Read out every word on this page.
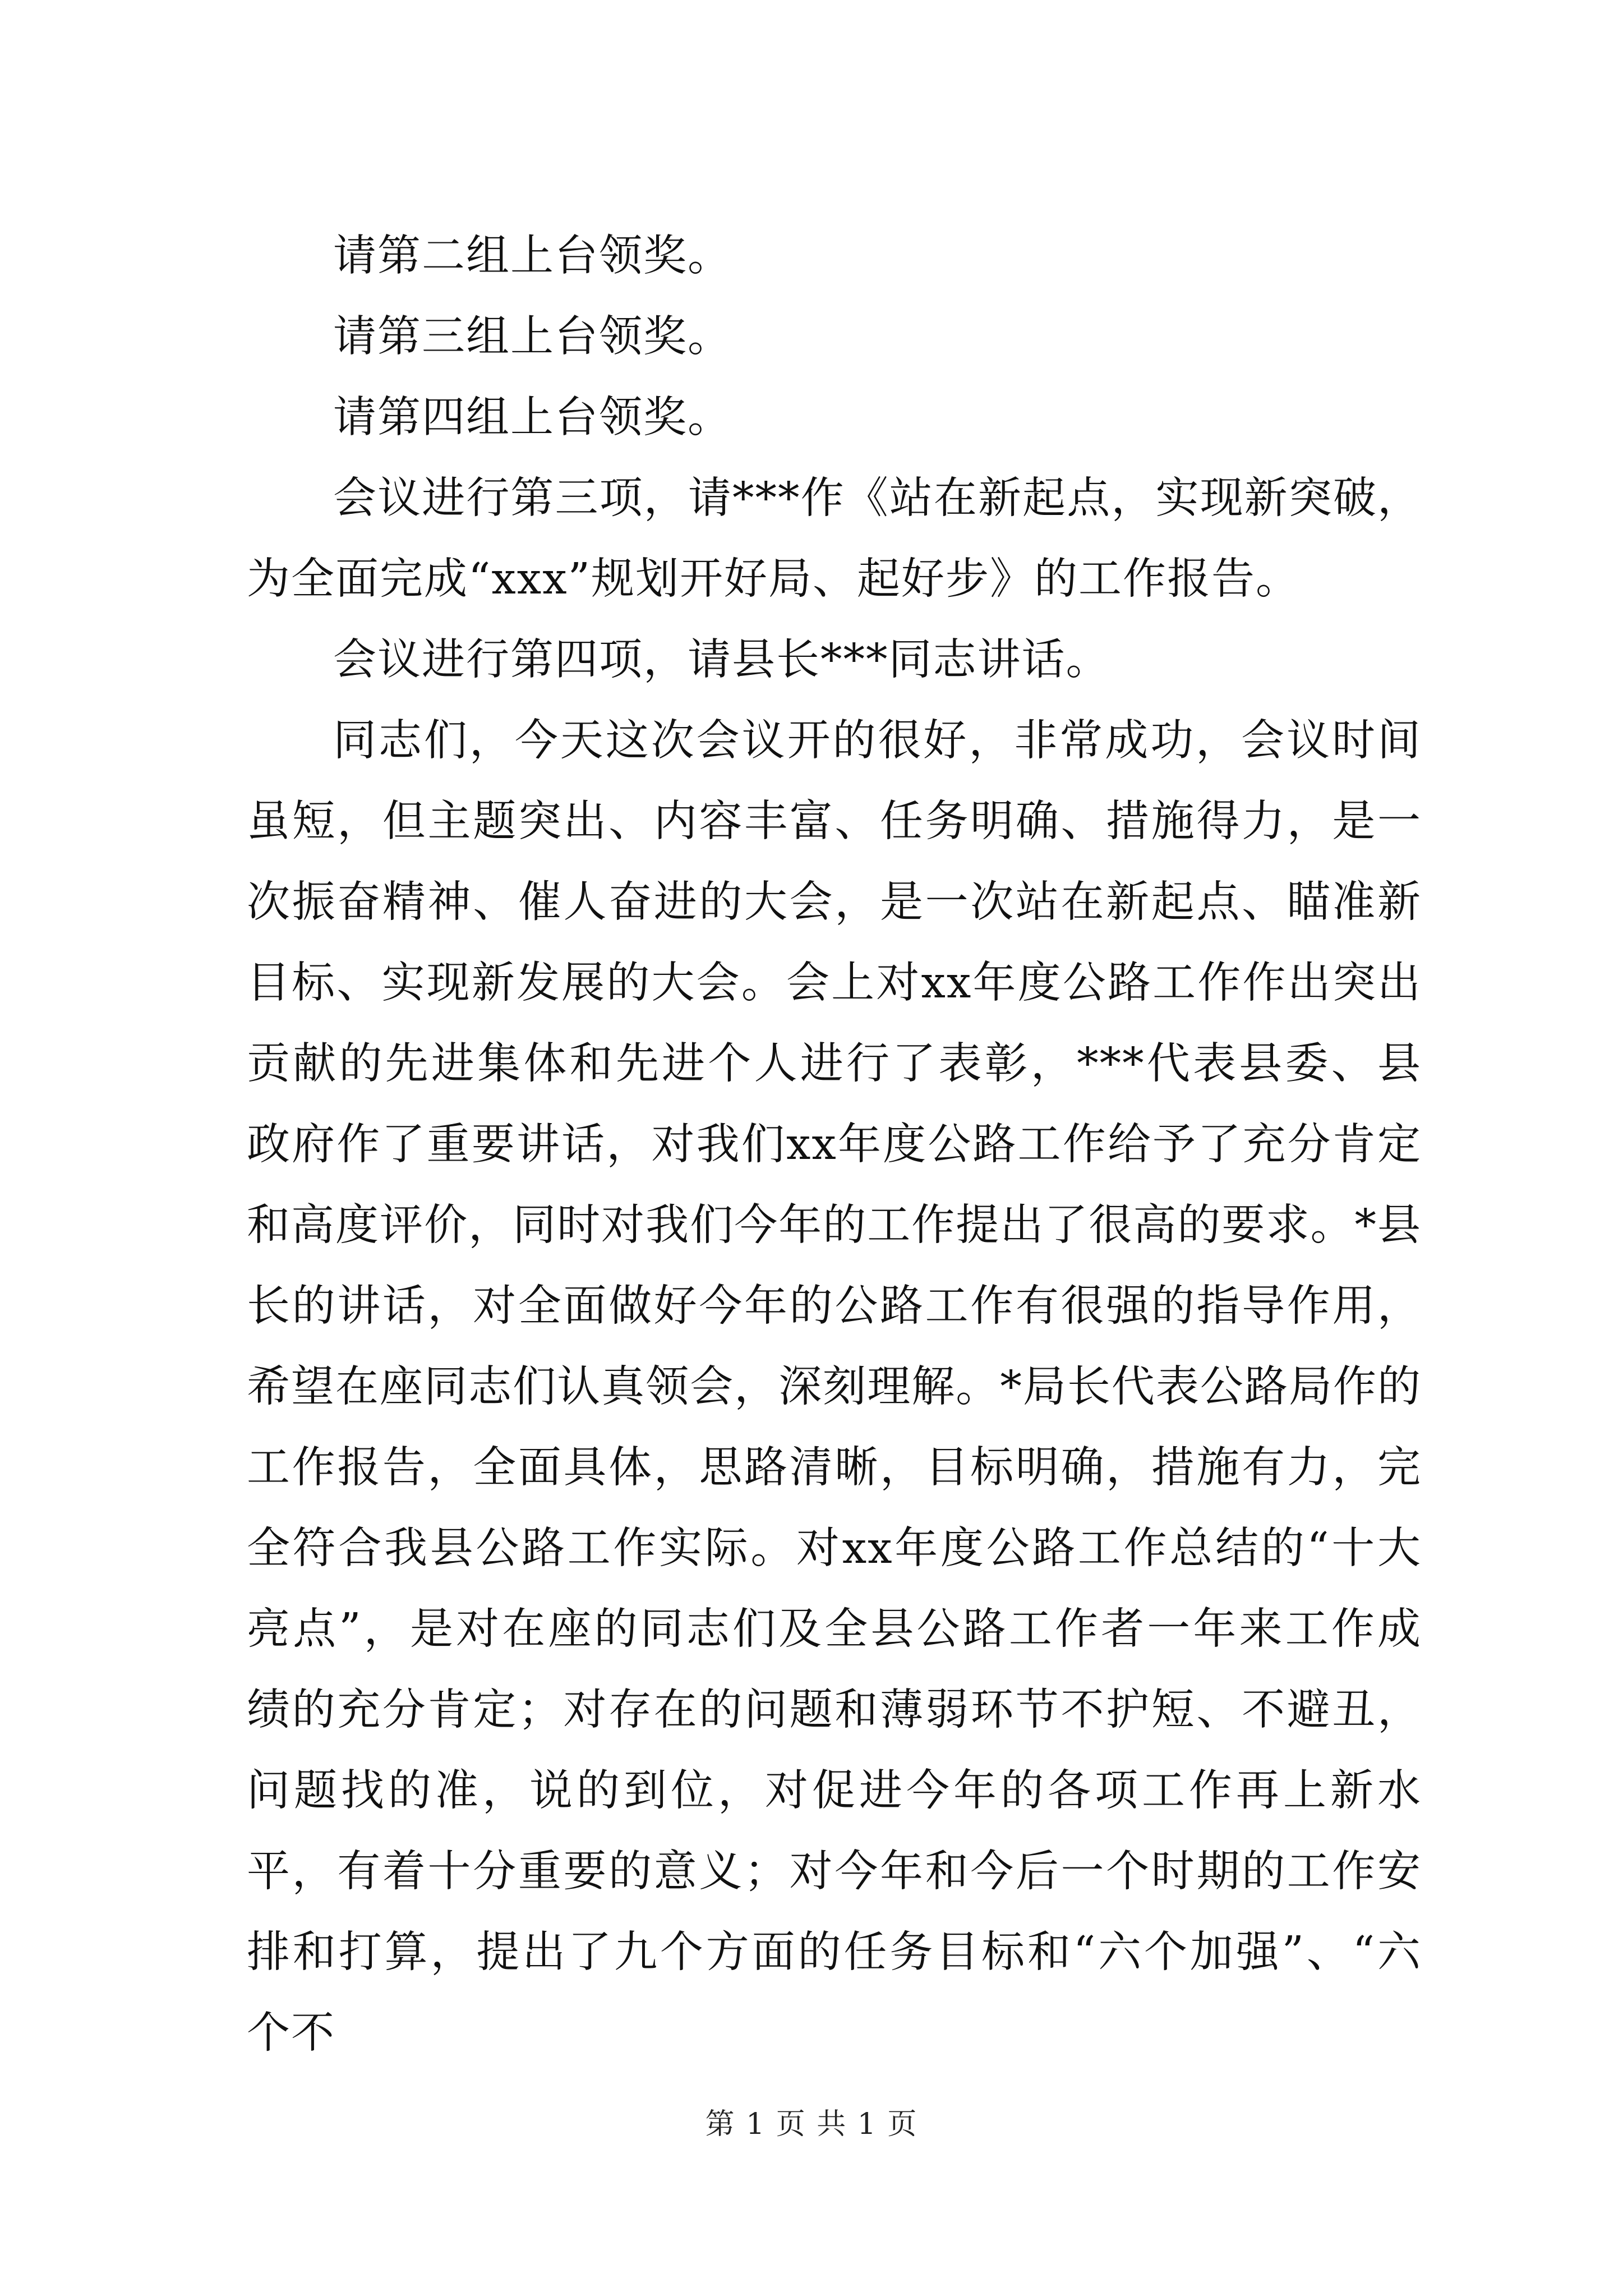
请第二组上台领奖。

请第三组上台领奖。

请第四组上台领奖。

会议进行第三项，请***作《站在新起点，实现新突破，为全面完成“xxx”规划开好局、起好步》的工作报告。

会议进行第四项，请县长***同志讲话。

同志们，今天这次会议开的很好，非常成功，会议时间虽短，但主题突出、内容丰富、任务明确、措施得力，是一次振奋精神、催人奋进的大会，是一次站在新起点、瞄准新目标、实现新发展的大会。会上对xx年度公路工作作出突出贡献的先进集体和先进个人进行了表彰，***代表县委、县政府作了重要讲话，对我们xx年度公路工作给予了充分肯定和高度评价，同时对我们今年的工作提出了很高的要求。*县长的讲话，对全面做好今年的公路工作有很强的指导作用，希望在座同志们认真领会，深刻理解。*局长代表公路局作的工作报告，全面具体，思路清晰，目标明确，措施有力，完全符合我县公路工作实际。对xx年度公路工作总结的“十大亮点”，是对在座的同志们及全县公路工作者一年来工作成绩的充分肯定；对存在的问题和薄弱环节不护短、不避丑，问题找的准，说的到位，对促进今年的各项工作再上新水平，有着十分重要的意义；对今年和今后一个时期的工作安排和打算，提出了九个方面的任务目标和“六个加强”、“六个不

第 1 页 共 1 页
